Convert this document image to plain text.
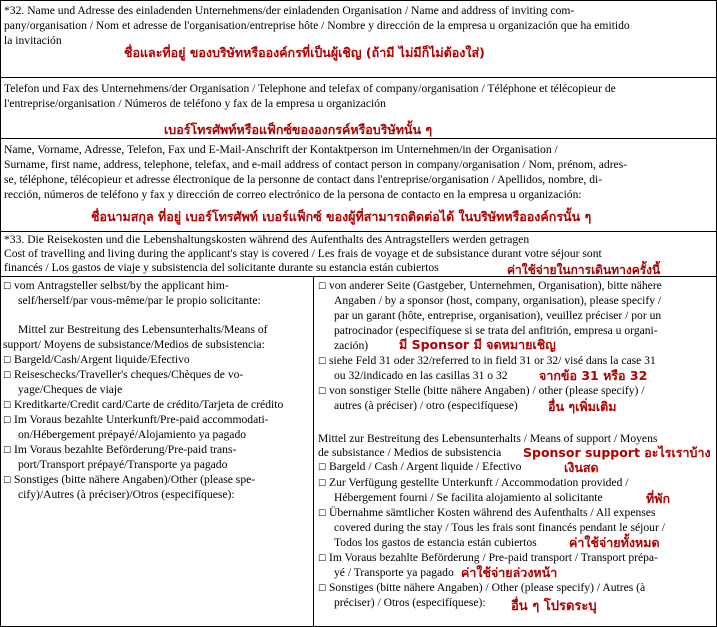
*32. Name und Adresse des einladenden Unternehmens/der einladenden Organisation / Name and address of inviting com-
pany/organisation / Nom et adresse de l'organisation/entreprise hôte / Nombre y dirección de la empresa u organización que ha emitido
la invitación
ชื่อและที่อยู่ ของบริษัทหรือองค์กรที่เป็นผู้เชิญ (ถ้ามี ไม่มีก็ไม่ต้องใส่)
Telefon und Fax des Unternehmens/der Organisation / Telephone and telefax of company/organisation / Téléphone et télécopieur de
l'entreprise/organisation / Números de teléfono y fax de la empresa u organización
เบอร์โทรศัพท์หรือแฟ็กซ์ขององกรค์หรือบริษัทนั้น ๆ
Name, Vorname, Adresse, Telefon, Fax und E-Mail-Anschrift der Kontaktperson im Unternehmen/in der Organisation /
Surname, first name, address, telephone, telefax, and e-mail address of contact person in company/organisation / Nom, prénom, adres-
se, téléphone, télécopieur et adresse électronique de la personne de contact dans l'entreprise/organisation / Apellidos, nombre, di-
rección, números de teléfono y fax y dirección de correo electrónico de la persona de contacto en la empresa u organización:
ชื่อนามสกุล ที่อยู่ เบอร์โทรศัพท์ เบอร์แฟ็กซ์ ของผู้ที่สามารถติดต่อได้ ในบริษัทหรือองค์กรนั้น ๆ
*33. Die Reisekosten und die Lebenshaltungskosten während des Aufenthalts des Antragstellers werden getragen
Cost of travelling and living during the applicant's stay is covered / Les frais de voyage et de subsistance durant votre séjour sont
financés / Los gastos de viaje y subsistencia del solicitante durante su estancia están cubiertos	ค่าใช้จ่ายในการเดินทางครั้งนี้
☐ vom Antragsteller selbst/by the applicant him-
self/herself/par vous-même/par le propio solicitante:
Mittel zur Bestreitung des Lebensunterhalts/Means of
support/ Moyens de subsistance/Medios de subsistencia:
☐ Bargeld/Cash/Argent liquide/Efectivo
☐ Reiseschecks/Traveller's cheques/Chèques de vo-
yage/Cheques de viaje
☐ Kreditkarte/Credit card/Carte de crédito/Tarjeta de crédito
☐ Im Voraus bezahlte Unterkunft/Pre-paid accommodati-
on/Hébergement prépayé/Alojamiento ya pagado
☐ Im Voraus bezahlte Beförderung/Pre-paid trans-
port/Transport prépayé/Transporte ya pagado
☐ Sonstiges (bitte nähere Angaben)/Other (please spe-
cify)/Autres (à préciser)/Otros (especifíquese):
☐ von anderer Seite (Gastgeber, Unternehmen, Organisation), bitte nähere
Angaben / by a sponsor (host, company, organisation), please specify /
par un garant (hôte, entreprise, organisation), veuillez préciser / por un
patrocinador (especifíquese si se trata del anfitrión, empresa u organi-
zación) มี Sponsor มี จดหมายเชิญ
☐ siehe Feld 31 oder 32/referred to in field 31 or 32/ visé dans la case 31
ou 32/indicado en las casillas 31 o 32	จากข้อ 31 หรือ 32
☐ von sonstiger Stelle (bitte nähere Angaben) / other (please specify) /
autres (à préciser) / otro (especifíquese) อื่น ๆเพิ่มเติม
Mittel zur Bestreitung des Lebensunterhalts / Means of support / Moyens
de subsistance / Medios de subsistencia Sponsor support อะไรเราบ้าง
☐ Bargeld / Cash / Argent liquide / Efectivo	เงินสด
☐ Zur Verfügung gestellte Unterkunft / Accommodation provided /
Hébergement fourni / Se facilita alojamiento al solicitante	ที่พัก
☐ Übernahme sämtlicher Kosten während des Aufenthalts / All expenses
covered during the stay / Tous les frais sont financés pendant le séjour /
Todos los gastos de estancia están cubiertos	ค่าใช้จ่ายทั้งหมด
☐ Im Voraus bezahlte Beförderung / Pre-paid transport / Transport prépa-
yé / Transporte ya pagado ค่าใช้จ่ายล่วงหน้า
☐ Sonstiges (bitte nähere Angaben) / Other (please specify) / Autres (à
préciser) / Otros (especifíquese): อื่น ๆ โปรดระบุ
